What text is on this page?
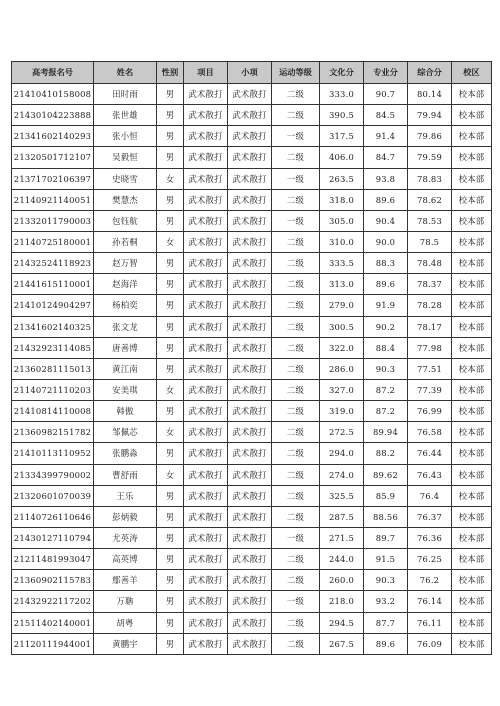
高考报名号	姓名	性别	项目	小项	运动等级	文化分	专业分	综合分	校区
21410410158008	田时雨	男	武术散打	武术散打	二级	333.0	90.7	80.14	校本部
21430104223888	张世雄	男	武术散打	武术散打	二级	390.5	84.5	79.94	校本部
21341602140293	张小恒	男	武术散打	武术散打	一级	317.5	91.4	79.86	校本部
21320501712107	吴毅恒	男	武术散打	武术散打	二级	406.0	84.7	79.59	校本部
21371702106397	史晓雪	女	武术散打	武术散打	一级	263.5	93.8	78.83	校本部
21140921140051	樊慧杰	男	武术散打	武术散打	二级	318.0	89.6	78.62	校本部
21332011790003	包钰航	男	武术散打	武术散打	一级	305.0	90.4	78.53	校本部
21140725180001	孙若桐	女	武术散打	武术散打	二级	310.0	90.0	78.5	校本部
21432524118923	赵万智	男	武术散打	武术散打	二级	333.5	88.3	78.48	校本部
21441615110001	赵海洋	男	武术散打	武术散打	二级	313.0	89.6	78.37	校本部
21410124904297	杨柏奕	男	武术散打	武术散打	二级	279.0	91.9	78.28	校本部
21341602140325	张文龙	男	武术散打	武术散打	二级	300.5	90.2	78.17	校本部
21432923114085	唐善博	男	武术散打	武术散打	二级	322.0	88.4	77.98	校本部
21360281115013	黄江南	男	武术散打	武术散打	二级	286.0	90.3	77.51	校本部
21140721110203	安美琪	女	武术散打	武术散打	二级	327.0	87.2	77.39	校本部
21410814110008	韩傲	男	武术散打	武术散打	二级	319.0	87.2	76.99	校本部
21360982151782	邹佩芯	女	武术散打	武术散打	二级	272.5	89.94	76.58	校本部
21410113110952	张鹏淼	男	武术散打	武术散打	二级	294.0	88.2	76.44	校本部
21334399790002	曹舒雨	女	武术散打	武术散打	二级	274.0	89.62	76.43	校本部
21320601070039	王乐	男	武术散打	武术散打	二级	325.5	85.9	76.4	校本部
21140726110646	彭炳毅	男	武术散打	武术散打	二级	287.5	88.56	76.37	校本部
21430127110794	尤英涛	男	武术散打	武术散打	一级	271.5	89.7	76.36	校本部
21211481993047	高英博	男	武术散打	武术散打	二级	244.0	91.5	76.25	校本部
21360902115783	鄢善羊	男	武术散打	武术散打	二级	260.0	90.3	76.2	校本部
21432922117202	万聃	男	武术散打	武术散打	一级	218.0	93.2	76.14	校本部
21511402140001	胡粤	男	武术散打	武术散打	二级	294.5	87.7	76.11	校本部
21120111944001	黄鹏宇	男	武术散打	武术散打	二级	267.5	89.6	76.09	校本部
